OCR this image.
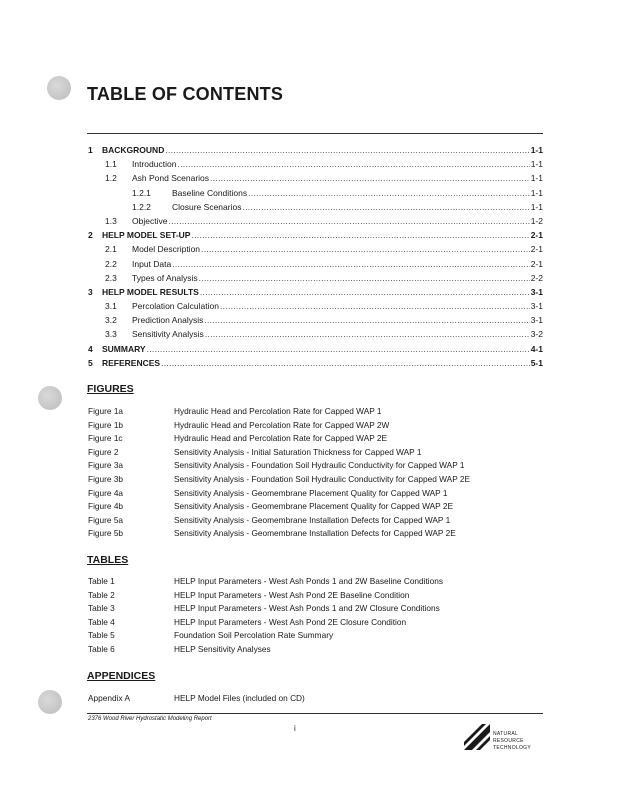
TABLE OF CONTENTS
1	BACKGROUND .....	1-1
1.1	Introduction .....	1-1
1.2	Ash Pond Scenarios .....	1-1
1.2.1	Baseline Conditions .....	1-1
1.2.2	Closure Scenarios .....	1-1
1.3	Objective .....	1-2
2	HELP MODEL SET-UP .....	2-1
2.1	Model Description .....	2-1
2.2	Input Data .....	2-1
2.3	Types of Analysis .....	2-2
3	HELP MODEL RESULTS .....	3-1
3.1	Percolation Calculation .....	3-1
3.2	Prediction Analysis .....	3-1
3.3	Sensitivity Analysis .....	3-2
4	SUMMARY .....	4-1
5	REFERENCES .....	5-1
FIGURES
Figure 1a	Hydraulic Head and Percolation Rate for Capped WAP 1
Figure 1b	Hydraulic Head and Percolation Rate for Capped WAP 2W
Figure 1c	Hydraulic Head and Percolation Rate for Capped WAP 2E
Figure 2	Sensitivity Analysis - Initial Saturation Thickness for Capped WAP 1
Figure 3a	Sensitivity Analysis - Foundation Soil Hydraulic Conductivity for Capped WAP 1
Figure 3b	Sensitivity Analysis - Foundation Soil Hydraulic Conductivity for Capped WAP 2E
Figure 4a	Sensitivity Analysis - Geomembrane Placement Quality for Capped WAP 1
Figure 4b	Sensitivity Analysis - Geomembrane Placement Quality for Capped WAP 2E
Figure 5a	Sensitivity Analysis - Geomembrane Installation Defects for Capped WAP 1
Figure 5b	Sensitivity Analysis - Geomembrane Installation Defects for Capped WAP 2E
TABLES
Table 1	HELP Input Parameters - West Ash Ponds 1 and 2W Baseline Conditions
Table 2	HELP Input Parameters - West Ash Pond 2E Baseline Condition
Table 3	HELP Input Parameters - West Ash Ponds 1 and 2W Closure Conditions
Table 4	HELP Input Parameters - West Ash Pond 2E Closure Condition
Table 5	Foundation Soil Percolation Rate Summary
Table 6	HELP Sensitivity Analyses
APPENDICES
Appendix A	HELP Model Files (included on CD)
2376 Wood River Hydrostatic Modeling Report
i
NATURAL
RESOURCE
TECHNOLOGY
